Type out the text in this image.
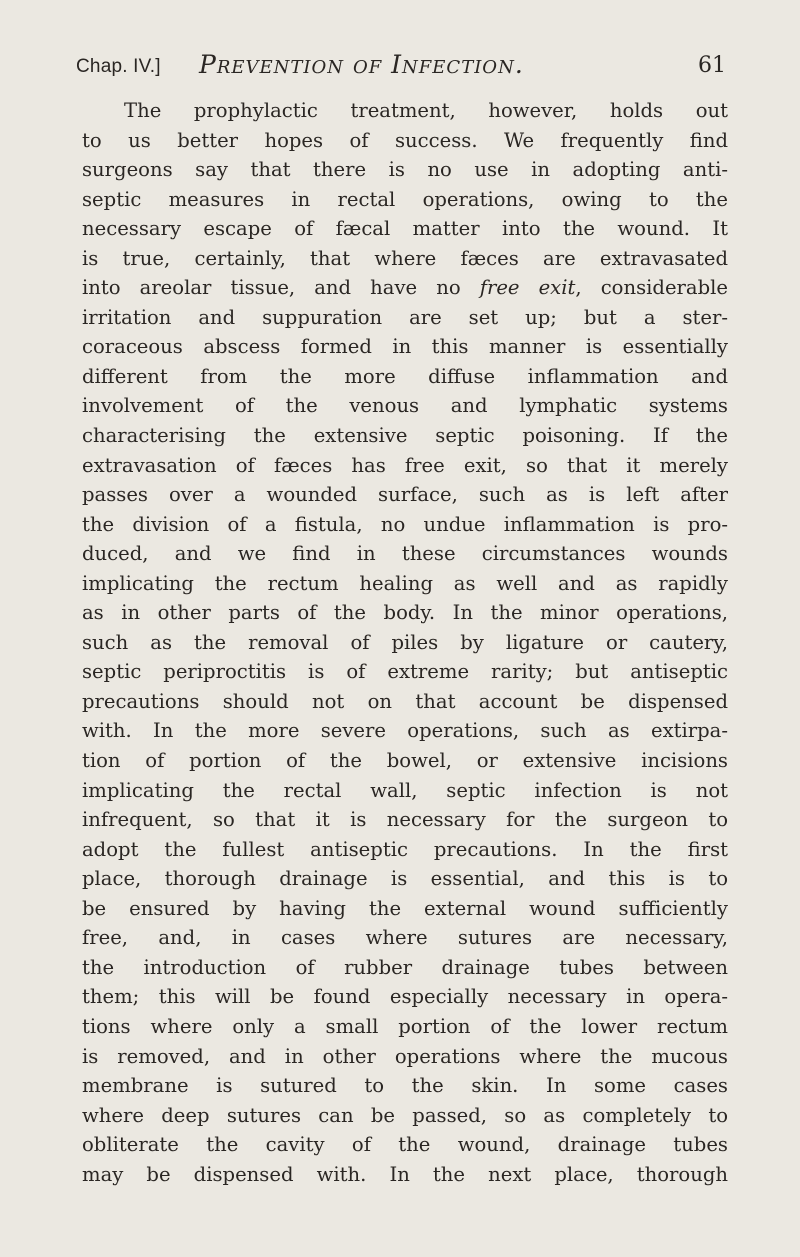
Chap. IV.] Prevention of Infection.	61
The prophylactic treatment, however, holds out
to us better hopes of success. We frequently find
surgeons say that there is no use in adopting anti-
septic measures in rectal operations, owing to the
necessary escape of fæcal matter into the wound. It
is true, certainly, that where fæces are extravasated
into areolar tissue, and have no free exit, considerable
irritation and suppuration are set up; but a ster-
coraceous abscess formed in this manner is essentially
different from the more diffuse inflammation and
involvement of the venous and lymphatic systems
characterising the extensive septic poisoning. If the
extravasation of fæces has free exit, so that it merely
passes over a wounded surface, such as is left after
the division of a fistula, no undue inflammation is pro-
duced, and we find in these circumstances wounds
implicating the rectum healing as well and as rapidly
as in other parts of the body. In the minor operations,
such as the removal of piles by ligature or cautery,
septic periproctitis is of extreme rarity; but antiseptic
precautions should not on that account be dispensed
with. In the more severe operations, such as extirpa-
tion of portion of the bowel, or extensive incisions
implicating the rectal wall, septic infection is not
infrequent, so that it is necessary for the surgeon to
adopt the fullest antiseptic precautions. In the first
place, thorough drainage is essential, and this is to
be ensured by having the external wound sufficiently
free, and, in cases where sutures are necessary,
the introduction of rubber drainage tubes between
them; this will be found especially necessary in opera-
tions where only a small portion of the lower rectum
is removed, and in other operations where the mucous
membrane is sutured to the skin. In some cases
where deep sutures can be passed, so as completely to
obliterate the cavity of the wound, drainage tubes
may be dispensed with. In the next place, thorough
